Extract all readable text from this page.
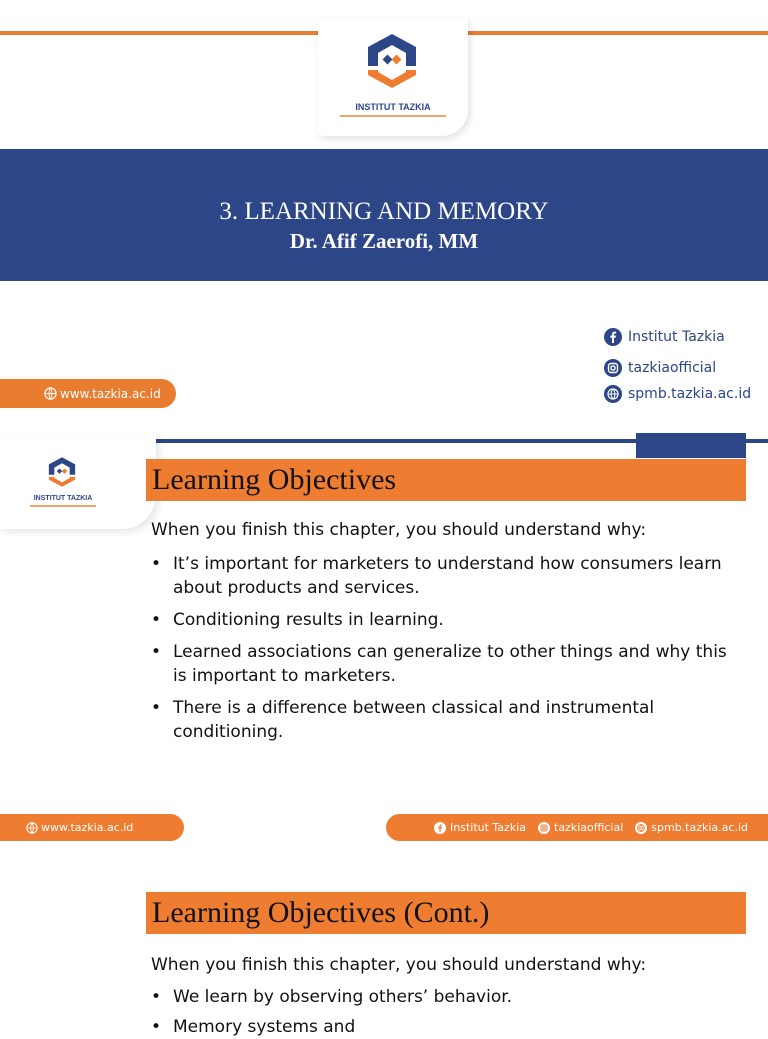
INSTITUT TAZKIA
3. LEARNING AND MEMORY
Dr. Afif Zaerofi, MM
Institut Tazkia
tazkiaofficial
spmb.tazkia.ac.id
www.tazkia.ac.id
INSTITUT TAZKIA
Learning Objectives
When you finish this chapter, you should understand why:
• It’s important for marketers to understand how consumers learn about products and services.
• Conditioning results in learning.
• Learned associations can generalize to other things and why this is important to marketers.
• There is a difference between classical and instrumental conditioning.
www.tazkia.ac.id	Institut Tazkia	tazkiaofficial	spmb.tazkia.ac.id
Learning Objectives (Cont.)
When you finish this chapter, you should understand why:
• We learn by observing others’ behavior.
• Memory systems and
